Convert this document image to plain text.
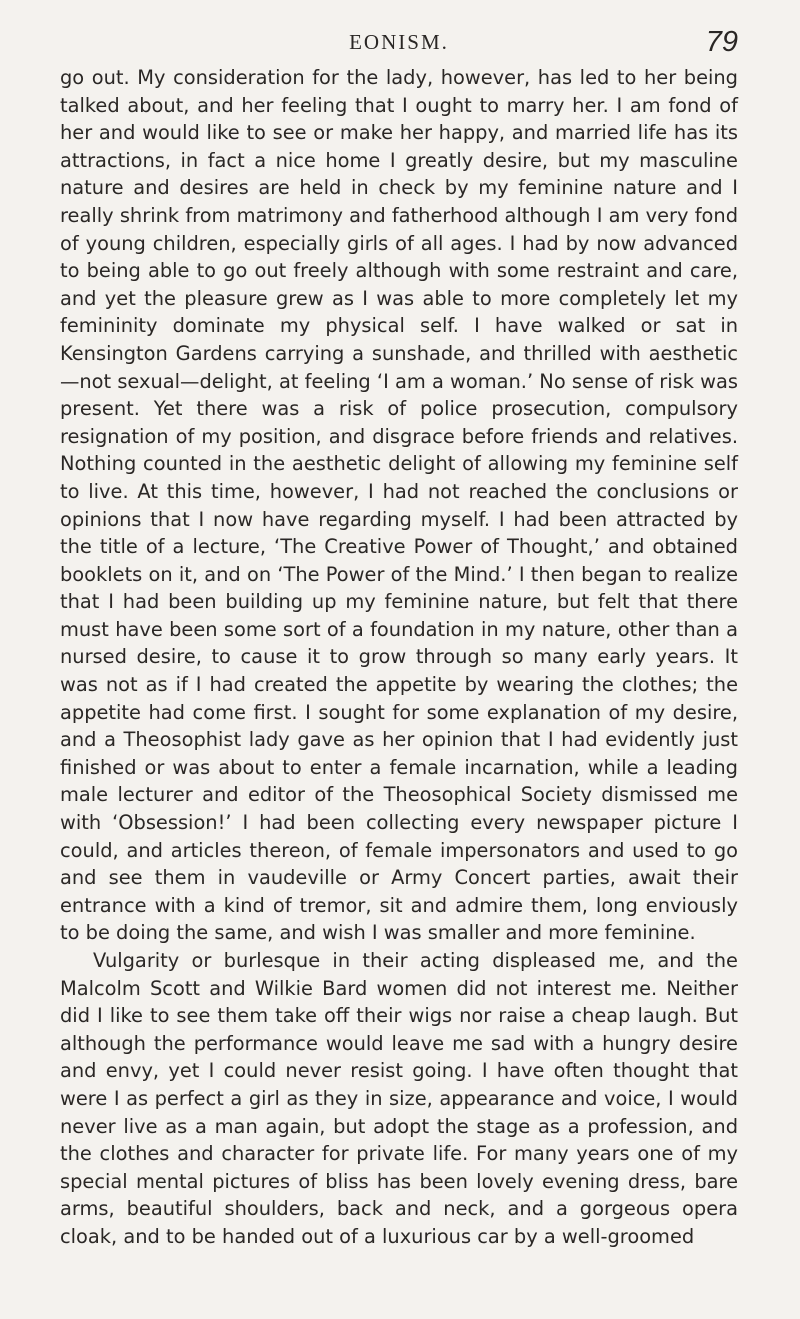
EONISM.	79

go out. My consideration for the lady, however, has led to her being talked about, and her feeling that I ought to marry her. I am fond of her and would like to see or make her happy, and married life has its attractions, in fact a nice home I greatly desire, but my masculine nature and desires are held in check by my feminine nature and I really shrink from matrimony and fatherhood although I am very fond of young children, especially girls of all ages. I had by now advanced to being able to go out freely although with some restraint and care, and yet the pleasure grew as I was able to more completely let my femininity dominate my physical self. I have walked or sat in Kensington Gardens carrying a sunshade, and thrilled with aesthetic—not sexual—delight, at feeling ‘I am a woman.’ No sense of risk was present. Yet there was a risk of police prosecution, compulsory resignation of my position, and disgrace before friends and relatives. Nothing counted in the aesthetic delight of allowing my feminine self to live. At this time, however, I had not reached the conclusions or opinions that I now have regarding myself. I had been attracted by the title of a lecture, ‘The Creative Power of Thought,’ and obtained booklets on it, and on ‘The Power of the Mind.’ I then began to realize that I had been building up my feminine nature, but felt that there must have been some sort of a foundation in my nature, other than a nursed desire, to cause it to grow through so many early years. It was not as if I had created the appetite by wearing the clothes; the appetite had come first. I sought for some explanation of my desire, and a Theosophist lady gave as her opinion that I had evidently just finished or was about to enter a female incarnation, while a leading male lecturer and editor of the Theosophical Society dismissed me with ‘Obsession!’ I had been collecting every newspaper picture I could, and articles thereon, of female impersonators and used to go and see them in vaudeville or Army Concert parties, await their entrance with a kind of tremor, sit and admire them, long enviously to be doing the same, and wish I was smaller and more feminine.

Vulgarity or burlesque in their acting displeased me, and the Malcolm Scott and Wilkie Bard women did not interest me. Neither did I like to see them take off their wigs nor raise a cheap laugh. But although the performance would leave me sad with a hungry desire and envy, yet I could never resist going. I have often thought that were I as perfect a girl as they in size, appearance and voice, I would never live as a man again, but adopt the stage as a profession, and the clothes and character for private life. For many years one of my special mental pictures of bliss has been lovely evening dress, bare arms, beautiful shoulders, back and neck, and a gorgeous opera cloak, and to be handed out of a luxurious car by a well-groomed
